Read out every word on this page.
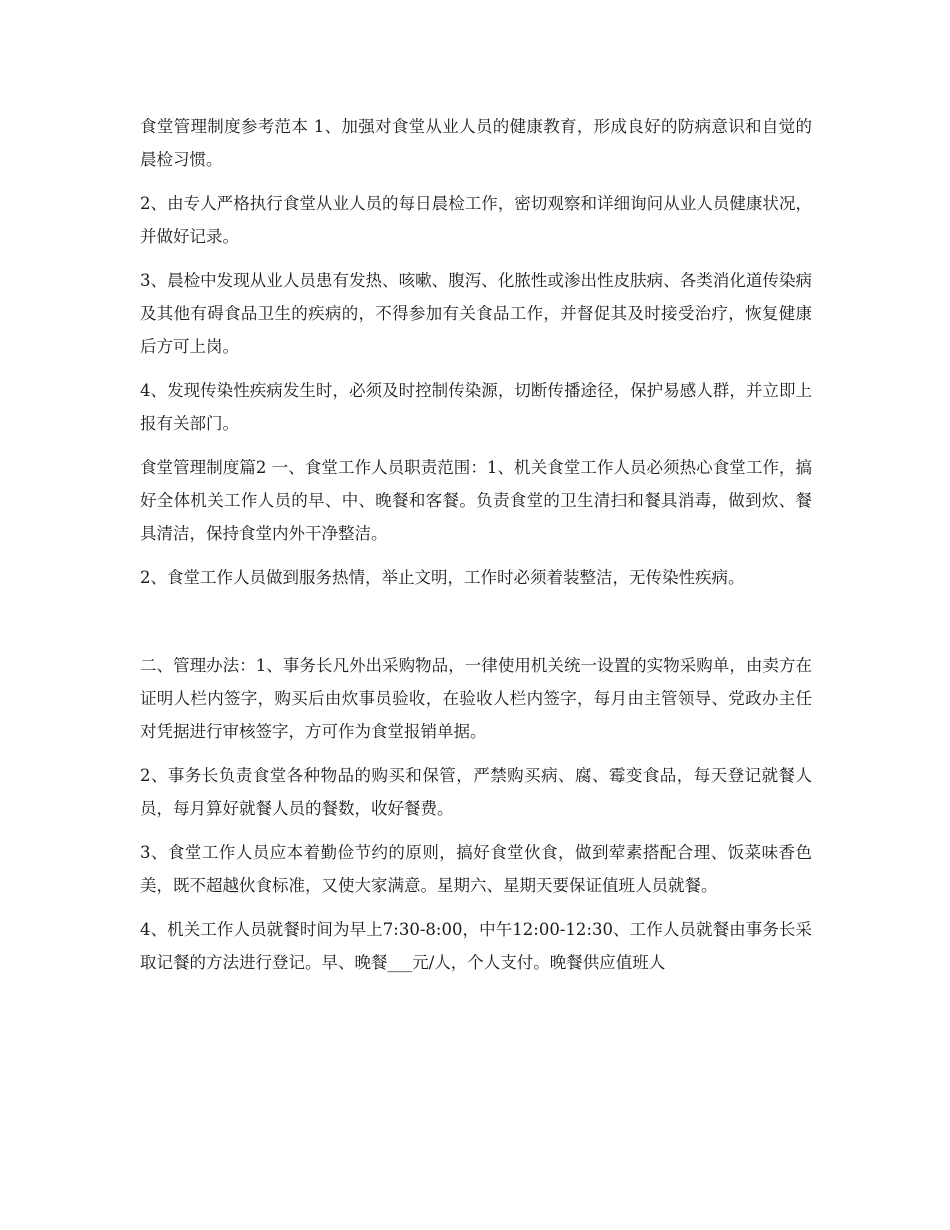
食堂管理制度参考范本 1、加强对食堂从业人员的健康教育，形成良好的防病意识和自觉的晨检习惯。

2、由专人严格执行食堂从业人员的每日晨检工作，密切观察和详细询问从业人员健康状况，并做好记录。

3、晨检中发现从业人员患有发热、咳嗽、腹泻、化脓性或渗出性皮肤病、各类消化道传染病及其他有碍食品卫生的疾病的，不得参加有关食品工作，并督促其及时接受治疗，恢复健康后方可上岗。

4、发现传染性疾病发生时，必须及时控制传染源，切断传播途径，保护易感人群，并立即上报有关部门。

食堂管理制度篇2 一、食堂工作人员职责范围：1、机关食堂工作人员必须热心食堂工作，搞好全体机关工作人员的早、中、晚餐和客餐。负责食堂的卫生清扫和餐具消毒，做到炊、餐具清洁，保持食堂内外干净整洁。

2、食堂工作人员做到服务热情，举止文明，工作时必须着装整洁，无传染性疾病。

二、管理办法：1、事务长凡外出采购物品，一律使用机关统一设置的实物采购单，由卖方在证明人栏内签字，购买后由炊事员验收，在验收人栏内签字，每月由主管领导、党政办主任对凭据进行审核签字，方可作为食堂报销单据。

2、事务长负责食堂各种物品的购买和保管，严禁购买病、腐、霉变食品，每天登记就餐人员，每月算好就餐人员的餐数，收好餐费。

3、食堂工作人员应本着勤俭节约的原则，搞好食堂伙食，做到荤素搭配合理、饭菜味香色美，既不超越伙食标准，又使大家满意。星期六、星期天要保证值班人员就餐。

4、机关工作人员就餐时间为早上7:30-8:00，中午12:00-12:30、工作人员就餐由事务长采取记餐的方法进行登记。早、晚餐___元/人，个人支付。晚餐供应值班人
